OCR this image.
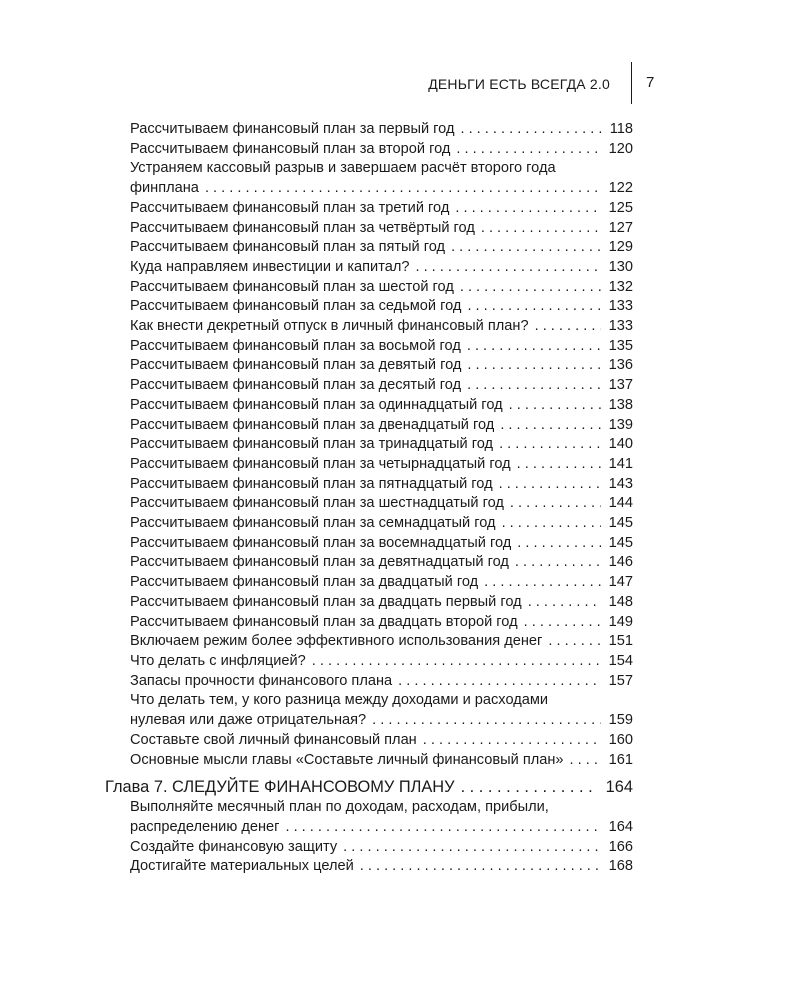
ДЕНЬГИ ЕСТЬ ВСЕГДА 2.0 7
Рассчитываем финансовый план за первый год . . .	118
Рассчитываем финансовый план за второй год . . .	120
Устраняем кассовый разрыв и завершаем расчёт второго года
финплана . . .	122
Рассчитываем финансовый план за третий год . . .	125
Рассчитываем финансовый план за четвёртый год . . .	127
Рассчитываем финансовый план за пятый год . . .	129
Куда направляем инвестиции и капитал? . . .	130
Рассчитываем финансовый план за шестой год . . .	132
Рассчитываем финансовый план за седьмой год . . .	133
Как внести декретный отпуск в личный финансовый план? . . .	133
Рассчитываем финансовый план за восьмой год . . .	135
Рассчитываем финансовый план за девятый год . . .	136
Рассчитываем финансовый план за десятый год . . .	137
Рассчитываем финансовый план за одиннадцатый год . . .	138
Рассчитываем финансовый план за двенадцатый год . . .	139
Рассчитываем финансовый план за тринадцатый год . . .	140
Рассчитываем финансовый план за четырнадцатый год . . .	141
Рассчитываем финансовый план за пятнадцатый год . . .	143
Рассчитываем финансовый план за шестнадцатый год . . .	144
Рассчитываем финансовый план за семнадцатый год . . .	145
Рассчитываем финансовый план за восемнадцатый год . . .	145
Рассчитываем финансовый план за девятнадцатый год . . .	146
Рассчитываем финансовый план за двадцатый год . . .	147
Рассчитываем финансовый план за двадцать первый год . . .	148
Рассчитываем финансовый план за двадцать второй год . . .	149
Включаем режим более эффективного использования денег . . .	151
Что делать с инфляцией? . . .	154
Запасы прочности финансового плана . . .	157
Что делать тем, у кого разница между доходами и расходами
нулевая или даже отрицательная? . . .	159
Составьте свой личный финансовый план . . .	160
Основные мысли главы «Составьте личный финансовый план» . . .	161
Глава 7. СЛЕДУЙТЕ ФИНАНСОВОМУ ПЛАНУ . . .	164
Выполняйте месячный план по доходам, расходам, прибыли,
распределению денег . . .	164
Создайте финансовую защиту . . .	166
Достигайте материальных целей . . .	168
